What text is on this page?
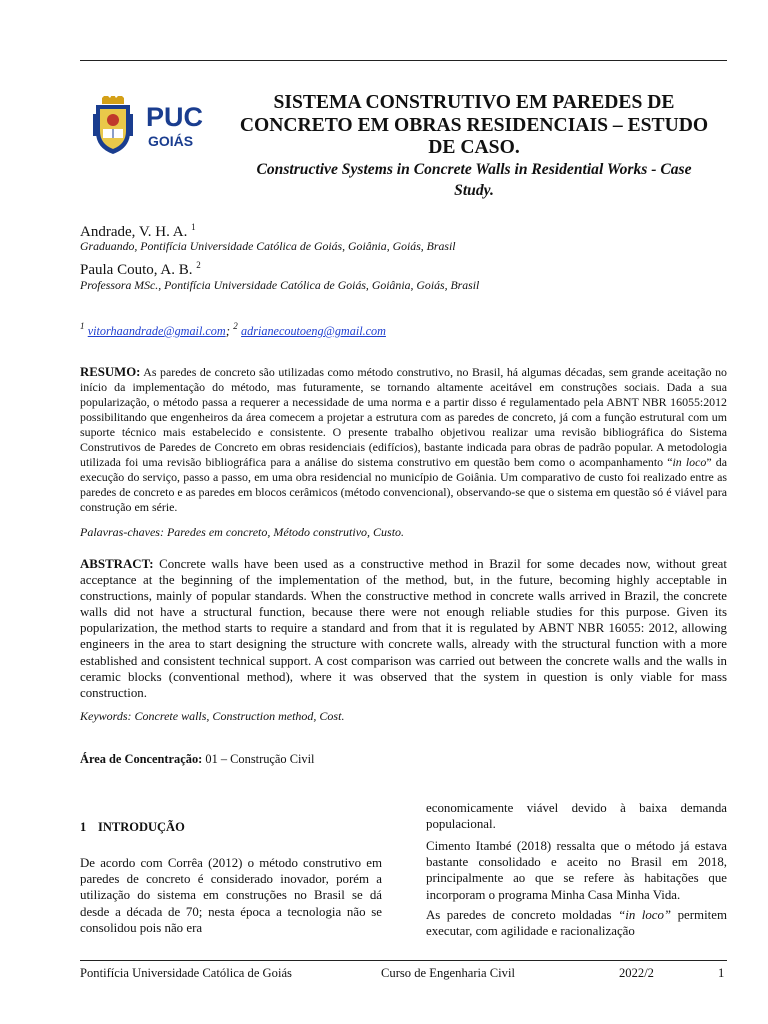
PUC
GOIÁS
SISTEMA CONSTRUTIVO EM PAREDES DE
CONCRETO EM OBRAS RESIDENCIAIS – ESTUDO
DE CASO.
Constructive Systems in Concrete Walls in Residential Works - Case
Study.
Andrade, V. H. A. $^1$
Graduando, Pontifícia Universidade Católica de Goiás, Goiânia, Goiás, Brasil
Paula Couto, A. B. $^2$
Professora MSc., Pontifícia Universidade Católica de Goiás, Goiânia, Goiás, Brasil
$^1$ vitorhaandrade@gmail.com; $^2$ adrianecoutoeng@gmail.com
RESUMO: As paredes de concreto são utilizadas como método construtivo, no Brasil, há algumas décadas, sem grande aceitação no início da implementação do método, mas futuramente, se tornando altamente aceitável em construções sociais. Dada a sua popularização, o método passa a requerer a necessidade de uma norma e a partir disso é regulamentado pela ABNT NBR 16055:2012 possibilitando que engenheiros da área comecem a projetar a estrutura com as paredes de concreto, já com a função estrutural com um suporte técnico mais estabelecido e consistente. O presente trabalho objetivou realizar uma revisão bibliográfica do Sistema Construtivos de Paredes de Concreto em obras residenciais (edifícios), bastante indicada para obras de padrão popular. A metodologia utilizada foi uma revisão bibliográfica para a análise do sistema construtivo em questão bem como o acompanhamento “in loco” da execução do serviço, passo a passo, em uma obra residencial no município de Goiânia. Um comparativo de custo foi realizado entre as paredes de concreto e as paredes em blocos cerâmicos (método convencional), observando-se que o sistema em questão só é viável para construção em série.
Palavras-chaves: Paredes em concreto, Método construtivo, Custo.
ABSTRACT: Concrete walls have been used as a constructive method in Brazil for some decades now, without great acceptance at the beginning of the implementation of the method, but, in the future, becoming highly acceptable in constructions, mainly of popular standards. When the constructive method in concrete walls arrived in Brazil, the concrete walls did not have a structural function, because there were not enough reliable studies for this purpose. Given its popularization, the method starts to require a standard and from that it is regulated by ABNT NBR 16055: 2012, allowing engineers in the area to start designing the structure with concrete walls, already with the structural function with a more established and consistent technical support. A cost comparison was carried out between the concrete walls and the walls in ceramic blocks (conventional method), where it was observed that the system in question is only viable for mass construction.
Keywords: Concrete walls, Construction method, Cost.
Área de Concentração: 01 – Construção Civil
1 INTRODUÇÃO
De acordo com Corrêa (2012) o método construtivo em paredes de concreto é considerado inovador, porém a utilização do sistema em construções no Brasil se dá desde a década de 70; nesta época a tecnologia não se consolidou pois não era
economicamente viável devido à baixa demanda populacional.
Cimento Itambé (2018) ressalta que o método já estava bastante consolidado e aceito no Brasil em 2018, principalmente ao que se refere às habitações que incorporam o programa Minha Casa Minha Vida.
As paredes de concreto moldadas “in loco” permitem executar, com agilidade e racionalização
Pontifícia Universidade Católica de Goiás	Curso de Engenharia Civil	2022/2	1
